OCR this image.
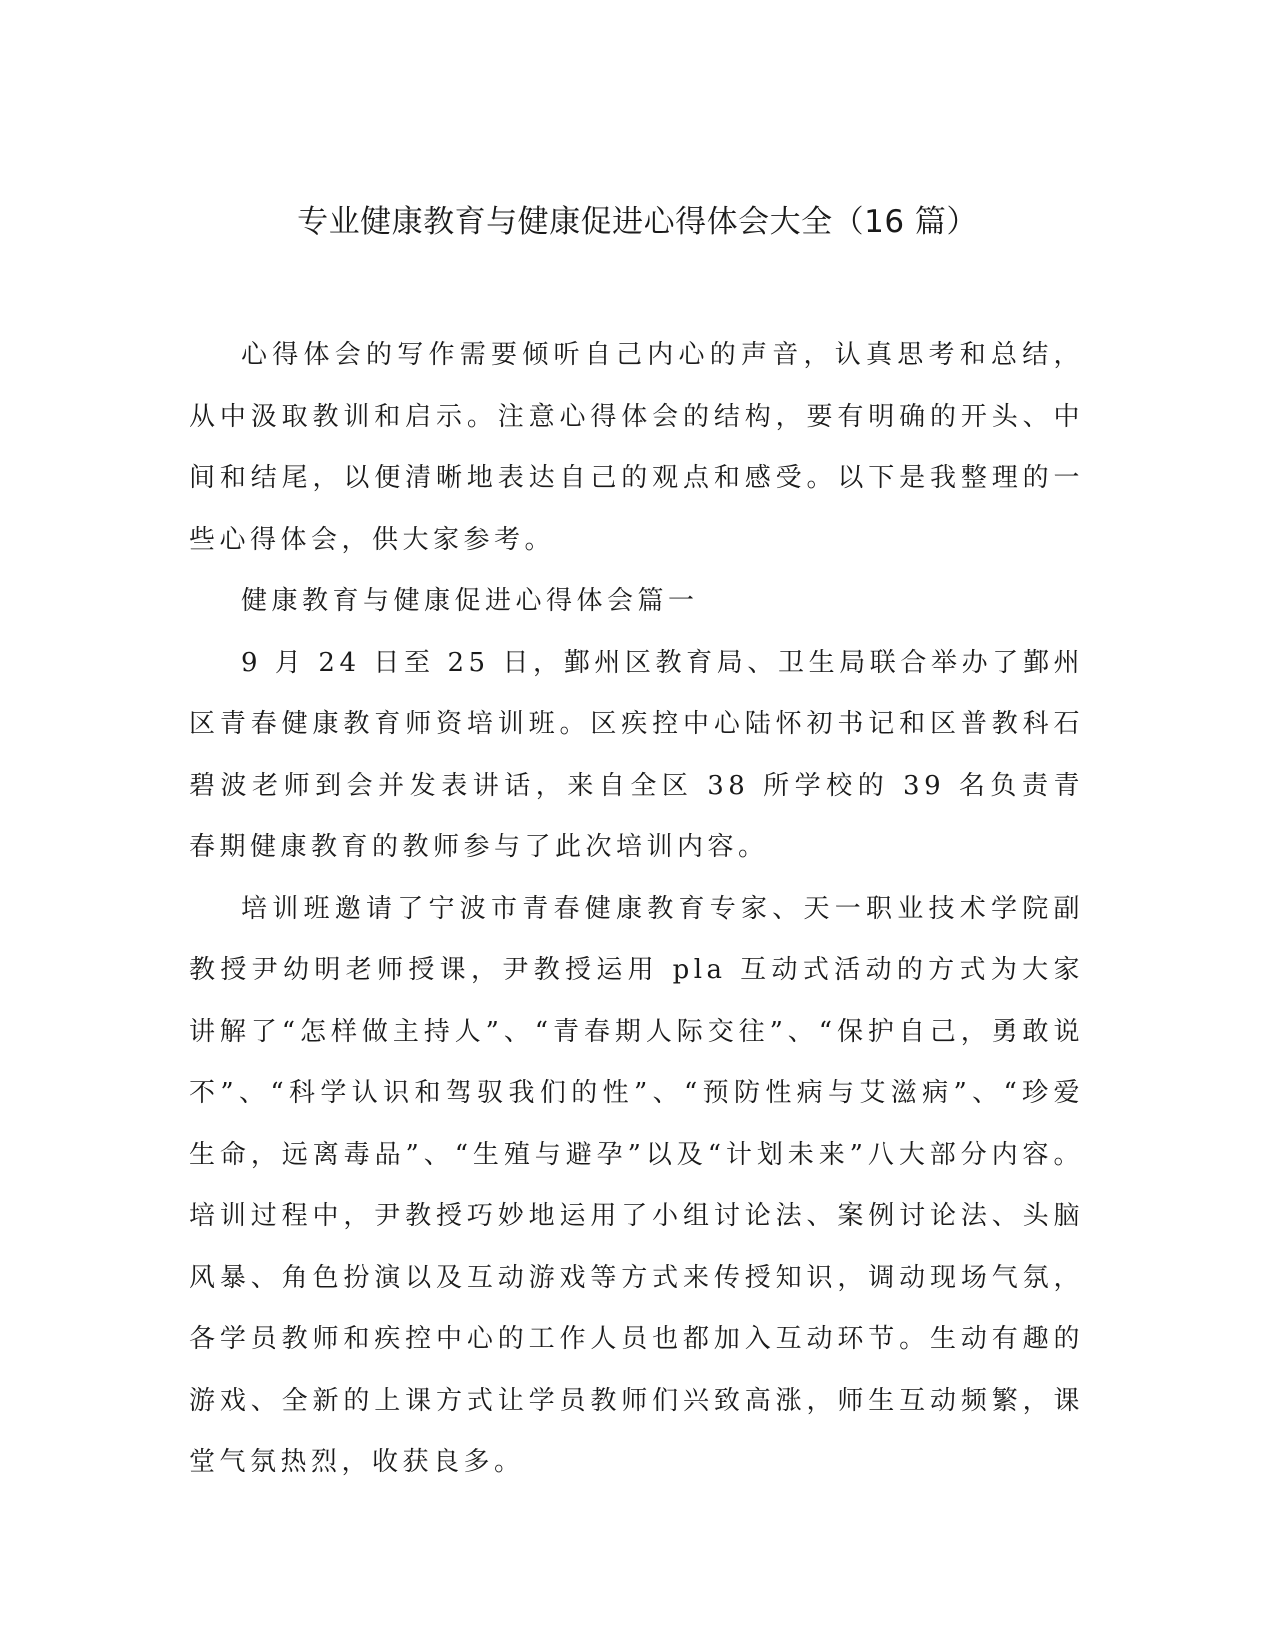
专业健康教育与健康促进心得体会大全（16 篇）

心得体会的写作需要倾听自己内心的声音，认真思考和总结，从中汲取教训和启示。注意心得体会的结构，要有明确的开头、中间和结尾，以便清晰地表达自己的观点和感受。以下是我整理的一些心得体会，供大家参考。

健康教育与健康促进心得体会篇一

9 月 24 日至 25 日，鄞州区教育局、卫生局联合举办了鄞州区青春健康教育师资培训班。区疾控中心陆怀初书记和区普教科石碧波老师到会并发表讲话，来自全区 38 所学校的 39 名负责青春期健康教育的教师参与了此次培训内容。

培训班邀请了宁波市青春健康教育专家、天一职业技术学院副教授尹幼明老师授课，尹教授运用 pla 互动式活动的方式为大家讲解了“怎样做主持人”、“青春期人际交往”、“保护自己，勇敢说不”、“科学认识和驾驭我们的性”、“预防性病与艾滋病”、“珍爱生命，远离毒品”、“生殖与避孕”以及“计划未来”八大部分内容。培训过程中，尹教授巧妙地运用了小组讨论法、案例讨论法、头脑风暴、角色扮演以及互动游戏等方式来传授知识，调动现场气氛，各学员教师和疾控中心的工作人员也都加入互动环节。生动有趣的游戏、全新的上课方式让学员教师们兴致高涨，师生互动频繁，课堂气氛热烈，收获良多。
